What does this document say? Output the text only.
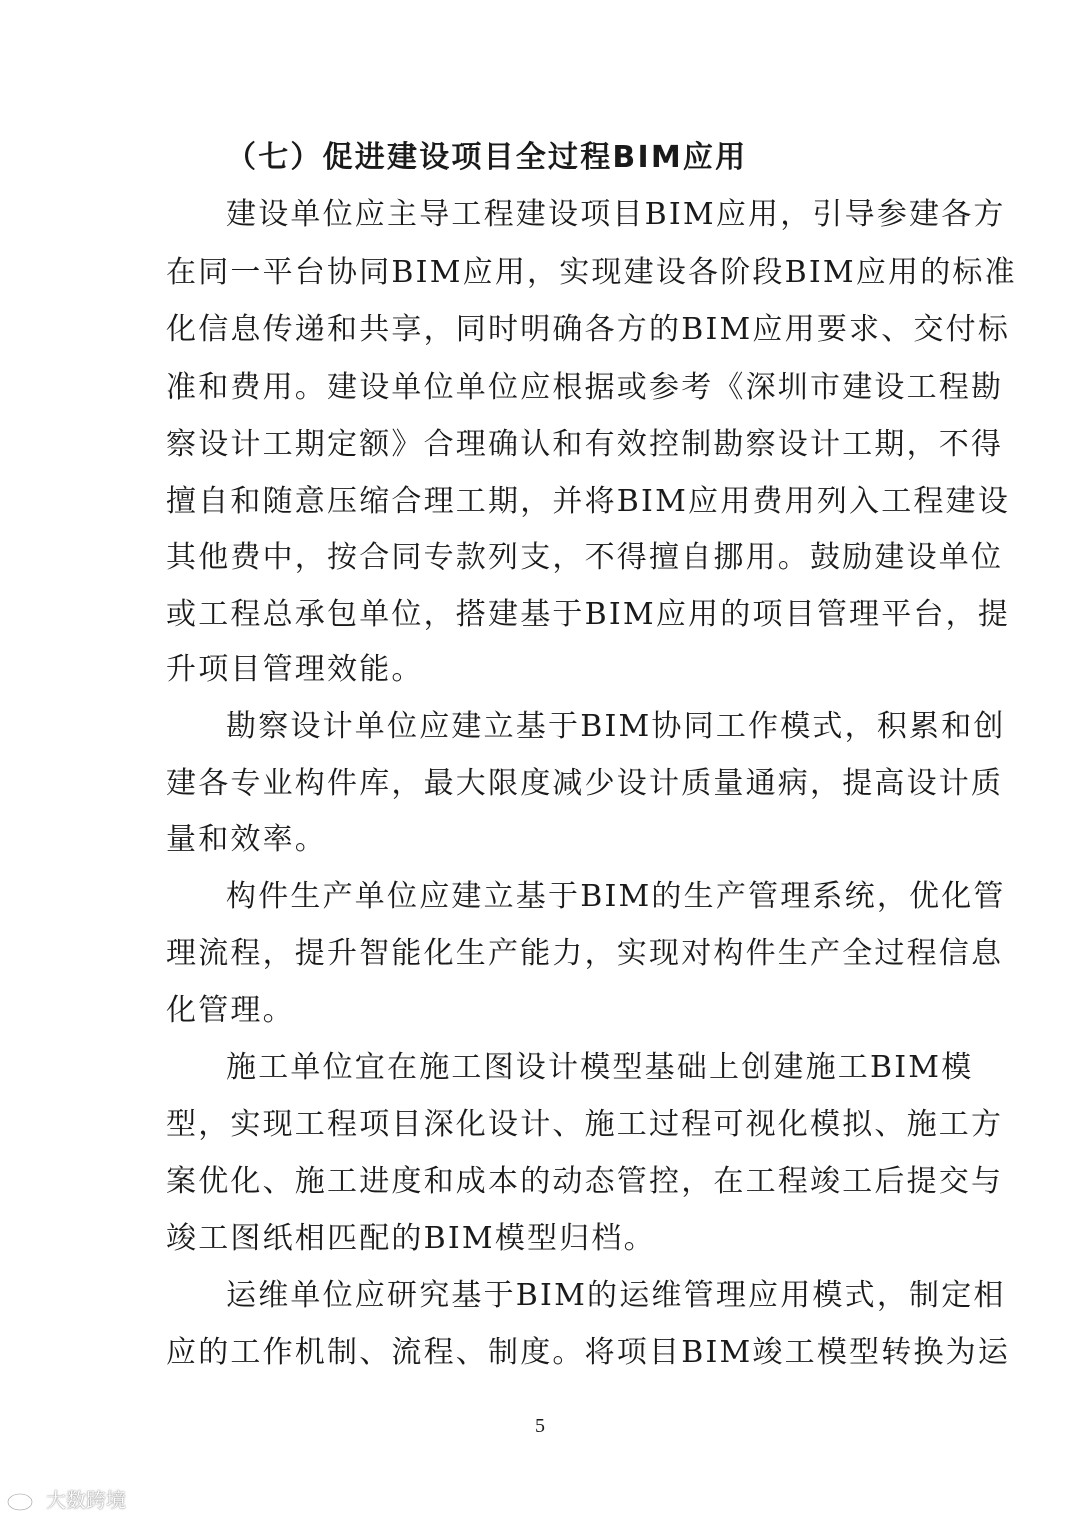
（七）促进建设项目全过程BIM应用
建设单位应主导工程建设项目BIM应用，引导参建各方
在同一平台协同BIM应用，实现建设各阶段BIM应用的标准
化信息传递和共享，同时明确各方的BIM应用要求、交付标
准和费用。建设单位单位应根据或参考《深圳市建设工程勘
察设计工期定额》合理确认和有效控制勘察设计工期，不得
擅自和随意压缩合理工期，并将BIM应用费用列入工程建设
其他费中，按合同专款列支，不得擅自挪用。鼓励建设单位
或工程总承包单位，搭建基于BIM应用的项目管理平台，提
升项目管理效能。
勘察设计单位应建立基于BIM协同工作模式，积累和创
建各专业构件库，最大限度减少设计质量通病，提高设计质
量和效率。
构件生产单位应建立基于BIM的生产管理系统，优化管
理流程，提升智能化生产能力，实现对构件生产全过程信息
化管理。
施工单位宜在施工图设计模型基础上创建施工BIM模
型，实现工程项目深化设计、施工过程可视化模拟、施工方
案优化、施工进度和成本的动态管控，在工程竣工后提交与
竣工图纸相匹配的BIM模型归档。
运维单位应研究基于BIM的运维管理应用模式，制定相
应的工作机制、流程、制度。将项目BIM竣工模型转换为运
5
大数跨境
